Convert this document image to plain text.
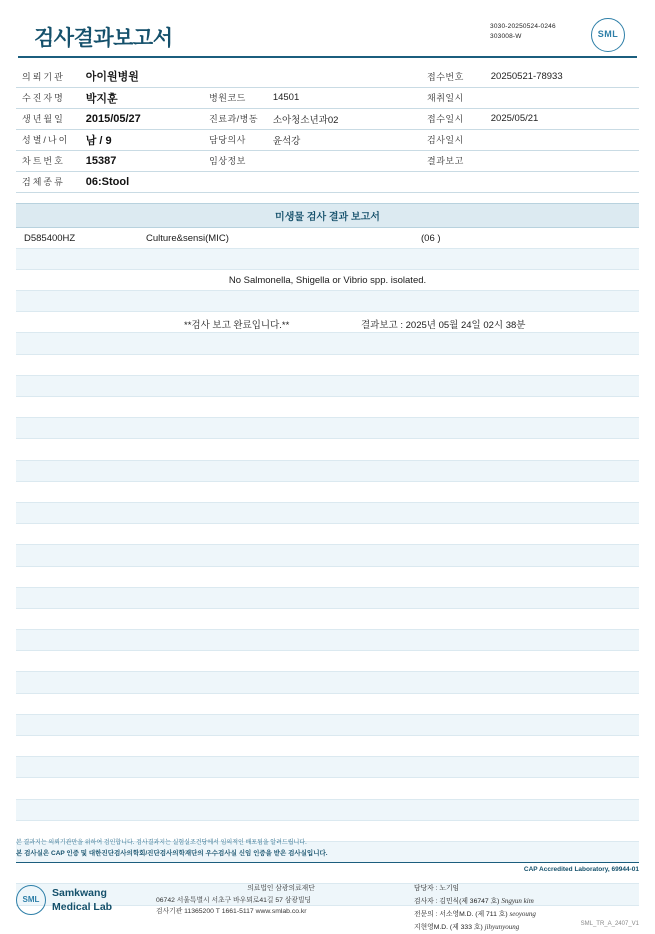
3030-20250524-0246
303008-W
검사결과보고서	SML
의뢰기관	아이원병원			접수번호	20250521-78933
수진자명	박지훈	병원코드	14501	채취일시	
생년월일	2015/05/27	진료과/병동	소아청소년과02	접수일시	2025/05/21
성별/나이	남 / 9	담당의사	윤석강	검사일시	
차트번호	15387	임상정보		결과보고	
검체종류	06:Stool				
미생물 검사 결과 보고서
D585400HZ	Culture&sensi(MIC)	(06 )
No Salmonella, Shigella or Vibrio spp. isolated.
**검사 보고 완료입니다.**	결과보고 : 2025년 05월 24일 02시 38분
본 결과지는 의뢰기관만을 위하여 검인합니다. 검사결과지는 실험실조건당에서 임의적인 배포됨을 알려드립니다.
본 검사실은 CAP 인증 및 대한진단검사의학회/진단검사의학재단의 우수검사실 신임 인증을 받은 검사실입니다.
CAP Accredited Laboratory, 69944-01
SML
Samkwang
Medical Lab
의료법인 삼광의료재단
06742 서울특별시 서초구 바우뫼로41길 57 삼광빌딩
검사기관 11365200 T 1661-5117 www.smlab.co.kr
담당자 : 노기임
검사자 : 김민식(제 36747 호) Sngyun kim
전문의 : 서소영M.D. (제 711 호) seoyoung
지현영M.D. (제 333 호) jihyunyoung	SML_TR_A_2407_V1
